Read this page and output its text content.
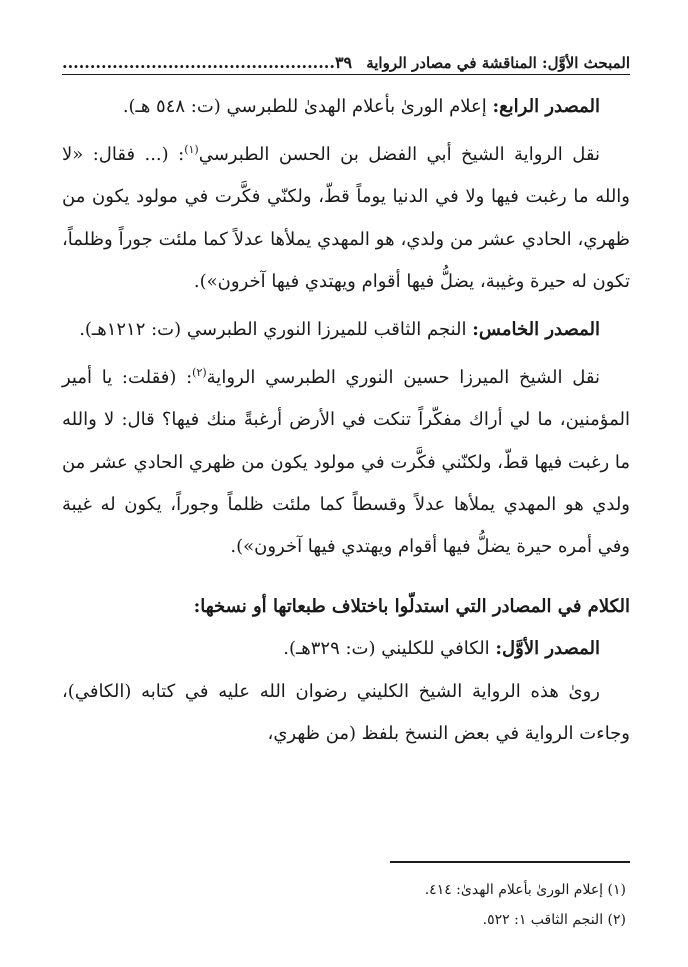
المبحث الأوَّل: المناقشة في مصادر الرواية
٣٩.................................................

المصدر الرابع: إعلام الورىٰ بأعلام الهدىٰ للطبرسي (ت: ٥٤٨ هـ).

نقل الرواية الشيخ أبي الفضل بن الحسن الطبرسي$^{(١)}$: (... فقال: «لا والله ما رغبت فيها ولا في الدنيا يوماً قطّ، ولكنّي فكَّرت في مولود يكون من ظهري، الحادي عشر من ولدي، هو المهدي يملأها عدلاً كما ملئت جوراً وظلماً، تكون له حيرة وغيبة، يضلُّ فيها أقوام ويهتدي فيها آخرون»).

المصدر الخامس: النجم الثاقب للميرزا النوري الطبرسي (ت: ١٢١٢هـ).

نقل الشيخ الميرزا حسين النوري الطبرسي الرواية$^{(٢)}$: (فقلت: يا أمير المؤمنين، ما لي أراك مفكّراً تنكت في الأرض أرغبةً منك فيها؟ قال: لا والله ما رغبت فيها قطّ، ولكنّني فكَّرت في مولود يكون من ظهري الحادي عشر من ولدي هو المهدي يملأها عدلاً وقسطاً كما ملئت ظلماً وجوراً، يكون له غيبة وفي أمره حيرة يضلُّ فيها أقوام ويهتدي فيها آخرون»).

الكلام في المصادر التي استدلّوا باختلاف طبعاتها أو نسخها:

المصدر الأوَّل: الكافي للكليني (ت: ٣٢٩هـ).

روىٰ هذه الرواية الشيخ الكليني رضوان الله عليه في كتابه (الكافي)، وجاءت الرواية في بعض النسخ بلفظ (من ظهري،

(١) إعلام الورىٰ بأعلام الهدىٰ: ٤١٤.
(٢) النجم الثاقب ١: ٥٢٢.
